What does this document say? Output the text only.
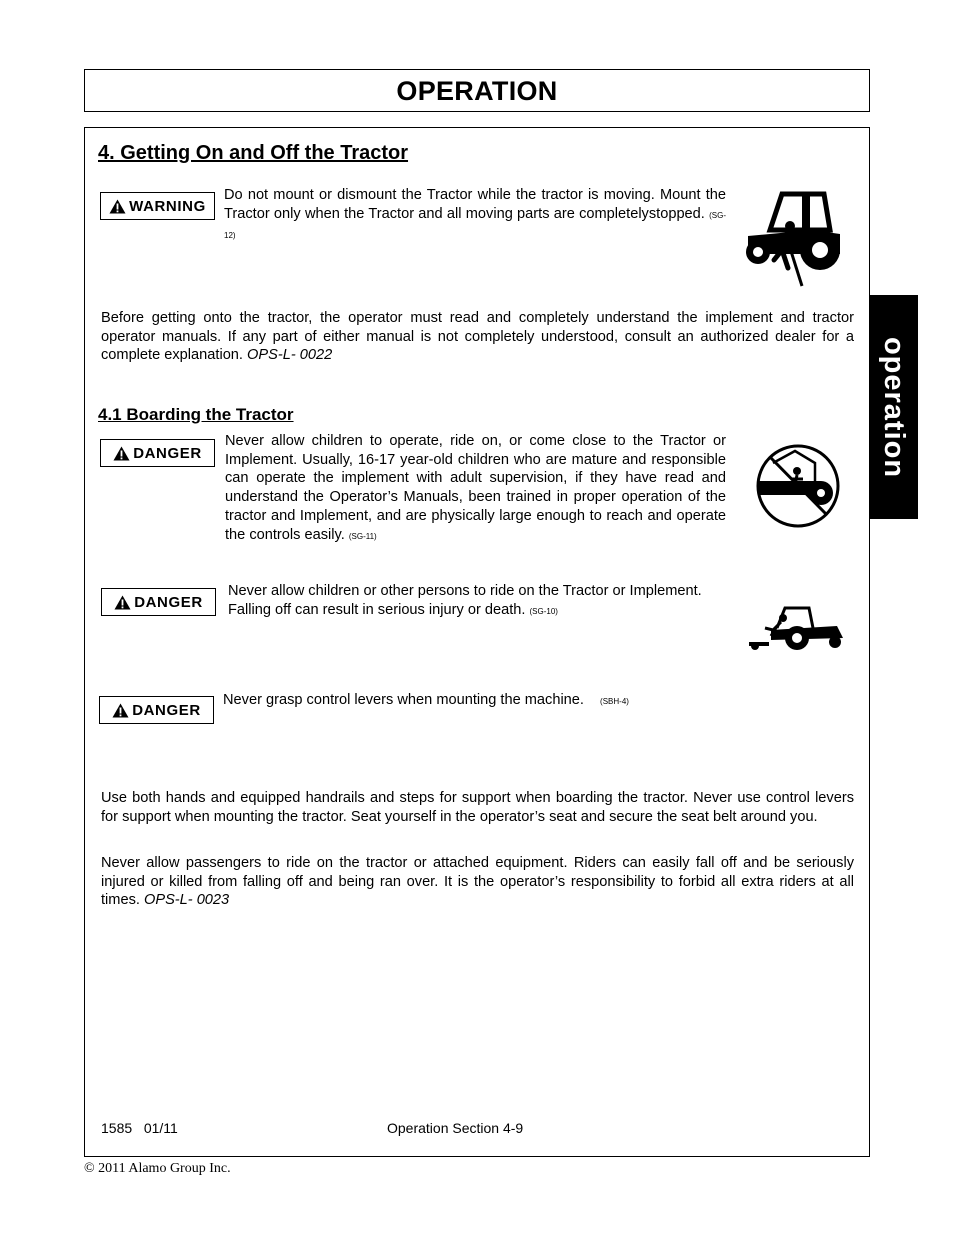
OPERATION
operation
4. Getting On and Off the Tractor
WARNING
Do not mount or dismount the Tractor while the tractor is moving. Mount the Tractor only when the Tractor and all moving parts are completelystopped. (SG-12)
Before getting onto the tractor, the operator must read and completely understand the implement and tractor operator manuals. If any part of either manual is not completely understood, consult an authorized dealer for a complete explanation. OPS-L- 0022
4.1 Boarding the Tractor
DANGER
Never allow children to operate, ride on, or come close to the Tractor or Implement. Usually, 16-17 year-old children who are mature and responsible can operate the implement with adult supervision, if they have read and understand the Operator’s Manuals, been trained in proper operation of the tractor and Implement, and are physically large enough to reach and operate the controls easily. (SG-11)
DANGER
Never allow children or other persons to ride on the Tractor or Implement. Falling off can result in serious injury or death. (SG-10)
DANGER
Never grasp control levers when mounting the machine. (SBH-4)
Use both hands and equipped handrails and steps for support when boarding the tractor. Never use control levers for support when mounting the tractor. Seat yourself in the operator’s seat and secure the seat belt around you.
Never allow passengers to ride on the tractor or attached equipment. Riders can easily fall off and be seriously injured or killed from falling off and being ran over. It is the operator’s responsibility to forbid all extra riders at all times. OPS-L- 0023
1585   01/11	Operation Section 4-9
© 2011 Alamo Group Inc.
